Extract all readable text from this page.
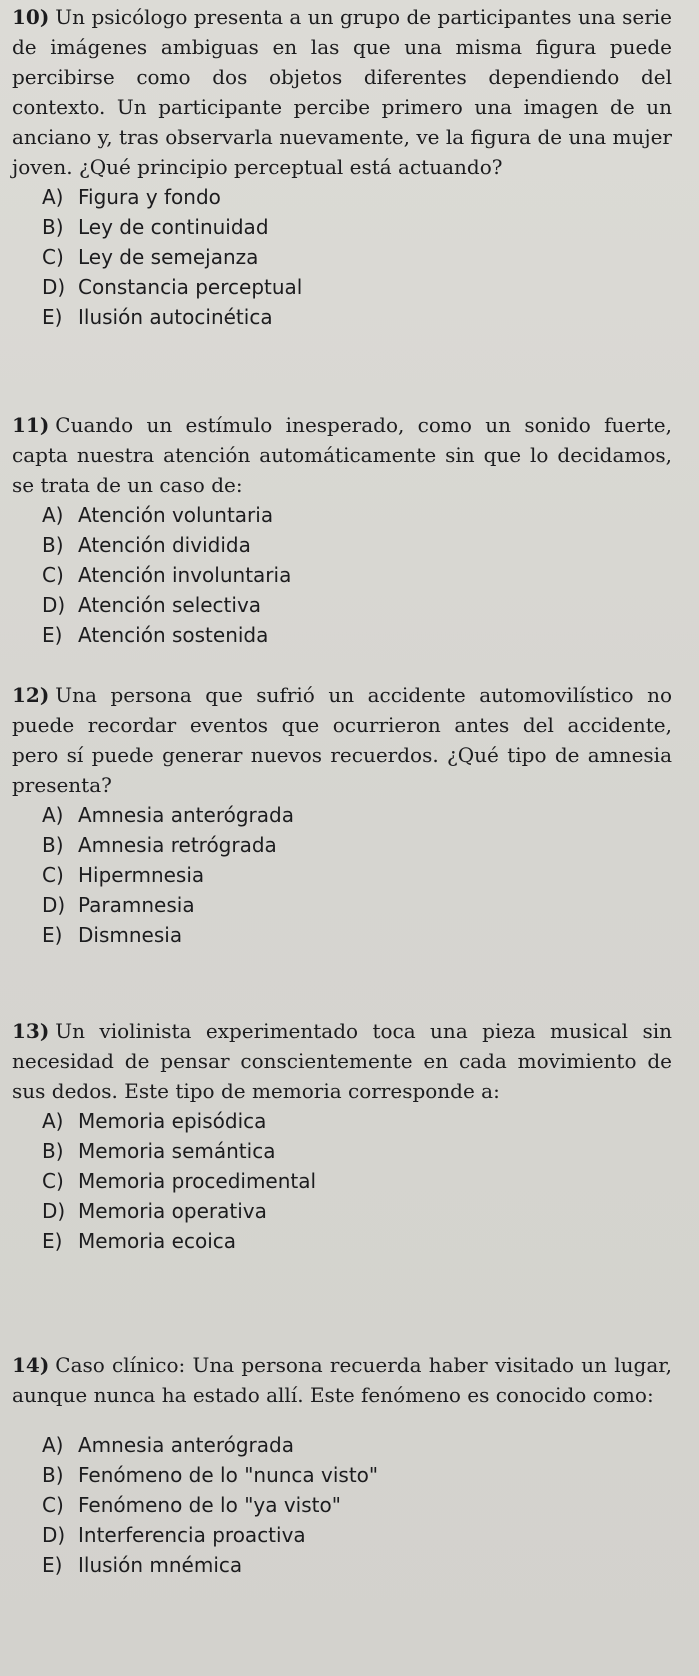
10) Un psicólogo presenta a un grupo de participantes una serie de imágenes ambiguas en las que una misma figura puede percibirse como dos objetos diferentes dependiendo del contexto. Un participante percibe primero una imagen de un anciano y, tras observarla nuevamente, ve la figura de una mujer joven. ¿Qué principio perceptual está actuando?
A) Figura y fondo
B) Ley de continuidad
C) Ley de semejanza
D) Constancia perceptual
E) Ilusión autocinética
11) Cuando un estímulo inesperado, como un sonido fuerte, capta nuestra atención automáticamente sin que lo decidamos, se trata de un caso de:
A) Atención voluntaria
B) Atención dividida
C) Atención involuntaria
D) Atención selectiva
E) Atención sostenida
12) Una persona que sufrió un accidente automovilístico no puede recordar eventos que ocurrieron antes del accidente, pero sí puede generar nuevos recuerdos. ¿Qué tipo de amnesia presenta?
A) Amnesia anterógrada
B) Amnesia retrógrada
C) Hipermnesia
D) Paramnesia
E) Dismnesia
13) Un violinista experimentado toca una pieza musical sin necesidad de pensar conscientemente en cada movimiento de sus dedos. Este tipo de memoria corresponde a:
A) Memoria episódica
B) Memoria semántica
C) Memoria procedimental
D) Memoria operativa
E) Memoria ecoica
14) Caso clínico: Una persona recuerda haber visitado un lugar, aunque nunca ha estado allí. Este fenómeno es conocido como:
A) Amnesia anterógrada
B) Fenómeno de lo "nunca visto"
C) Fenómeno de lo "ya visto"
D) Interferencia proactiva
E) Ilusión mnémica
